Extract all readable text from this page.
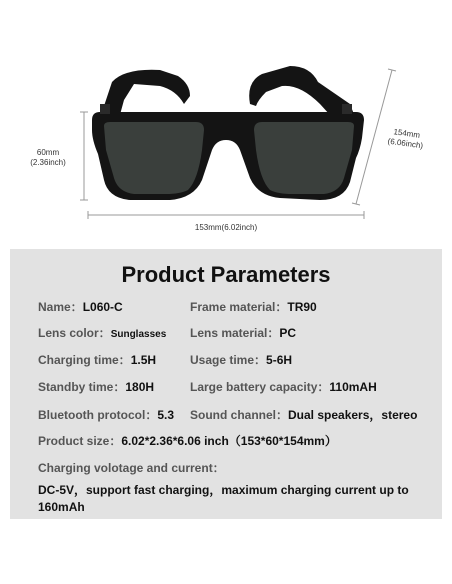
60mm
(2.36inch)
153mm(6.02inch)
154mm
(6.06inch)
Product Parameters
Name：L060-C	Frame material：TR90
Lens color：Sunglasses Lens material：PC
Charging time：1.5H	Usage time：5-6H
Standby time：180H	Large battery capacity：110mAH
Bluetooth protocol：5.3 Sound channel：Dual speakers，stereo
Product size：6.02*2.36*6.06 inch（153*60*154mm）
Charging volotage and current：
DC-5V，support fast charging，maximum charging current up to 160mAh
